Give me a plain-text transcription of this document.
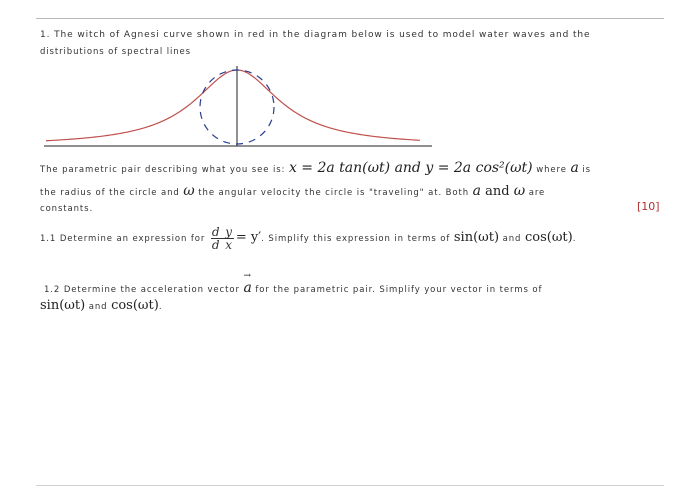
1. The witch of Agnesi curve shown in red in the diagram below is used to model water waves and the
distributions of spectral lines
The parametric pair describing what you see is: x = 2a tan(ωt) and y = 2a cos²(ωt) where a is
the radius of the circle and ω the angular velocity the circle is "traveling" at. Both a and ω are
constants.	[10]
1.1 Determine an expression for $\frac{\text{d y}}{\text{d x}} = y'$. Simplify this expression in terms of sin(ωt) and cos(ωt).
1.2 Determine the acceleration vector
→
a for the parametric pair. Simplify your vector in terms of
sin(ωt) and cos(ωt).
